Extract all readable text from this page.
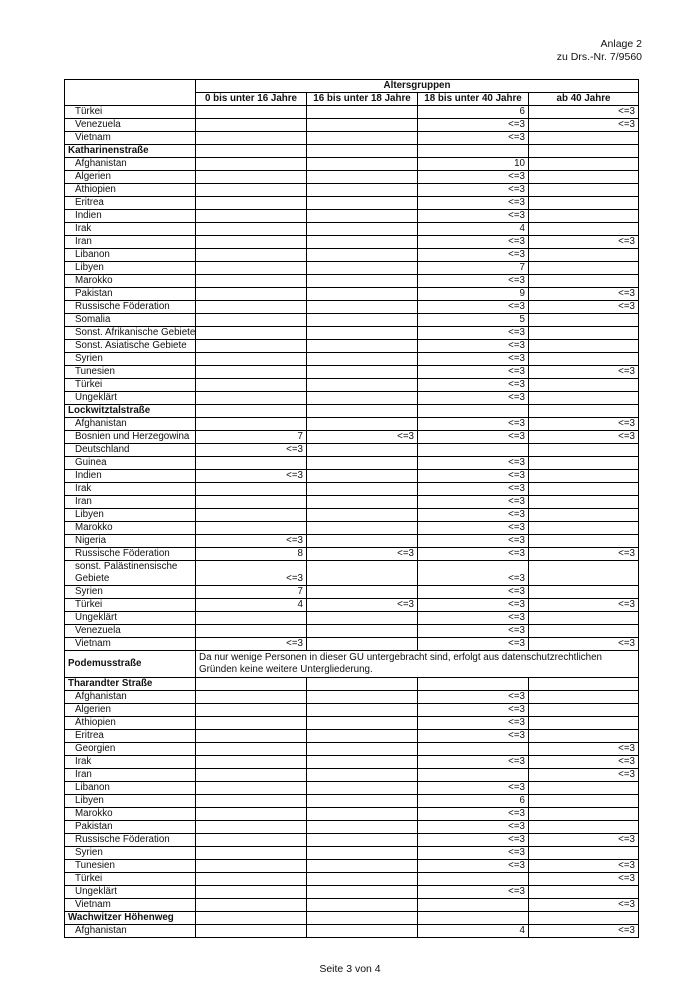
Anlage 2
zu Drs.-Nr. 7/9560
	Altersgruppen			
	0 bis unter 16 Jahre	16 bis unter 18 Jahre	18 bis unter 40 Jahre	ab 40 Jahre
Türkei			6	<=3
Venezuela			<=3	<=3
Vietnam			<=3	
Katharinenstraße				
Afghanistan			10	
Algerien			<=3	
Äthiopien			<=3	
Eritrea			<=3	
Indien			<=3	
Irak			4	
Iran			<=3	<=3
Libanon			<=3	
Libyen			7	
Marokko			<=3	
Pakistan			9	<=3
Russische Föderation			<=3	<=3
Somalia			5	
Sonst. Afrikanische Gebiete			<=3	
Sonst. Asiatische Gebiete			<=3	
Syrien			<=3	
Tunesien			<=3	<=3
Türkei			<=3	
Ungeklärt			<=3	
Lockwitztalstraße				
Afghanistan			<=3	<=3
Bosnien und Herzegowina	7	<=3	<=3	<=3
Deutschland	<=3			
Guinea			<=3	
Indien	<=3		<=3	
Irak			<=3	
Iran			<=3	
Libyen			<=3	
Marokko			<=3	
Nigeria	<=3		<=3	
Russische Föderation	8	<=3	<=3	<=3
sonst. Palästinensische Gebiete	<=3		<=3	
Syrien	7		<=3	
Türkei	4	<=3	<=3	<=3
Ungeklärt			<=3	
Venezuela			<=3	
Vietnam	<=3		<=3	<=3
Podemusstraße	Da nur wenige Personen in dieser GU untergebracht sind, erfolgt aus datenschutzrechtlichen Gründen keine weitere Untergliederung.			
Tharandter Straße				
Afghanistan			<=3	
Algerien			<=3	
Äthiopien			<=3	
Eritrea			<=3	
Georgien				<=3
Irak			<=3	<=3
Iran				<=3
Libanon			<=3	
Libyen			6	
Marokko			<=3	
Pakistan			<=3	
Russische Föderation			<=3	<=3
Syrien			<=3	
Tunesien			<=3	<=3
Türkei				<=3
Ungeklärt			<=3	
Vietnam				<=3
Wachwitzer Höhenweg				
Afghanistan			4	<=3
Seite 3 von 4
